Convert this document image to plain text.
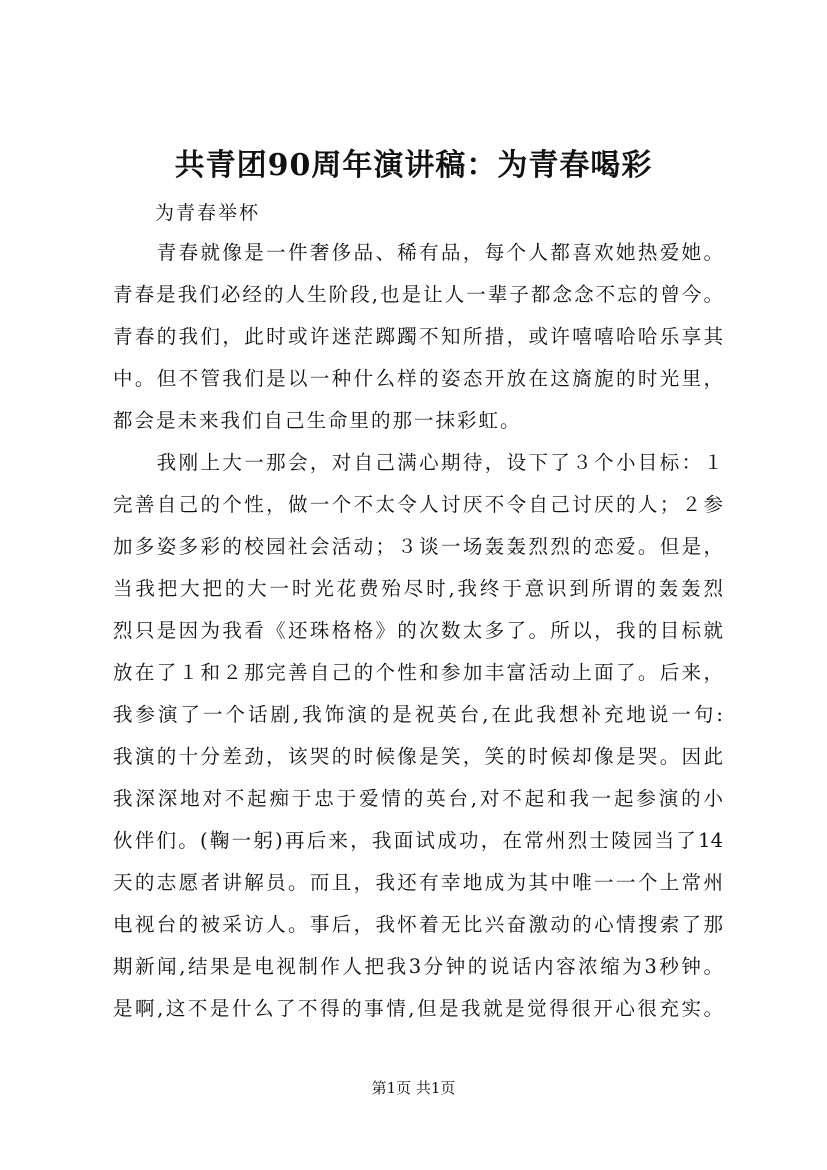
共青团90周年演讲稿：为青春喝彩
为青春举杯
　　青春就像是一件奢侈品、稀有品，每个人都喜欢她热爱她。
青春是我们必经的人生阶段,也是让人一辈子都念念不忘的曾今。
青春的我们，此时或许迷茫踯躅不知所措，或许嘻嘻哈哈乐享其
中。但不管我们是以一种什么样的姿态开放在这旖旎的时光里，
都会是未来我们自己生命里的那一抹彩虹。
　　我刚上大一那会，对自己满心期待，设下了３个小目标：１
完善自己的个性，做一个不太令人讨厌不令自己讨厌的人；２参
加多姿多彩的校园社会活动；３谈一场轰轰烈烈的恋爱。但是，
当我把大把的大一时光花费殆尽时,我终于意识到所谓的轰轰烈
烈只是因为我看《还珠格格》的次数太多了。所以，我的目标就
放在了１和２那完善自己的个性和参加丰富活动上面了。后来，
我参演了一个话剧,我饰演的是祝英台,在此我想补充地说一句:
我演的十分差劲，该哭的时候像是笑，笑的时候却像是哭。因此
我深深地对不起痴于忠于爱情的英台,对不起和我一起参演的小
伙伴们。(鞠一躬)再后来，我面试成功，在常州烈士陵园当了14
天的志愿者讲解员。而且，我还有幸地成为其中唯一一个上常州
电视台的被采访人。事后，我怀着无比兴奋激动的心情搜索了那
期新闻,结果是电视制作人把我3分钟的说话内容浓缩为3秒钟。
是啊,这不是什么了不得的事情,但是我就是觉得很开心很充实。
第1页 共1页
